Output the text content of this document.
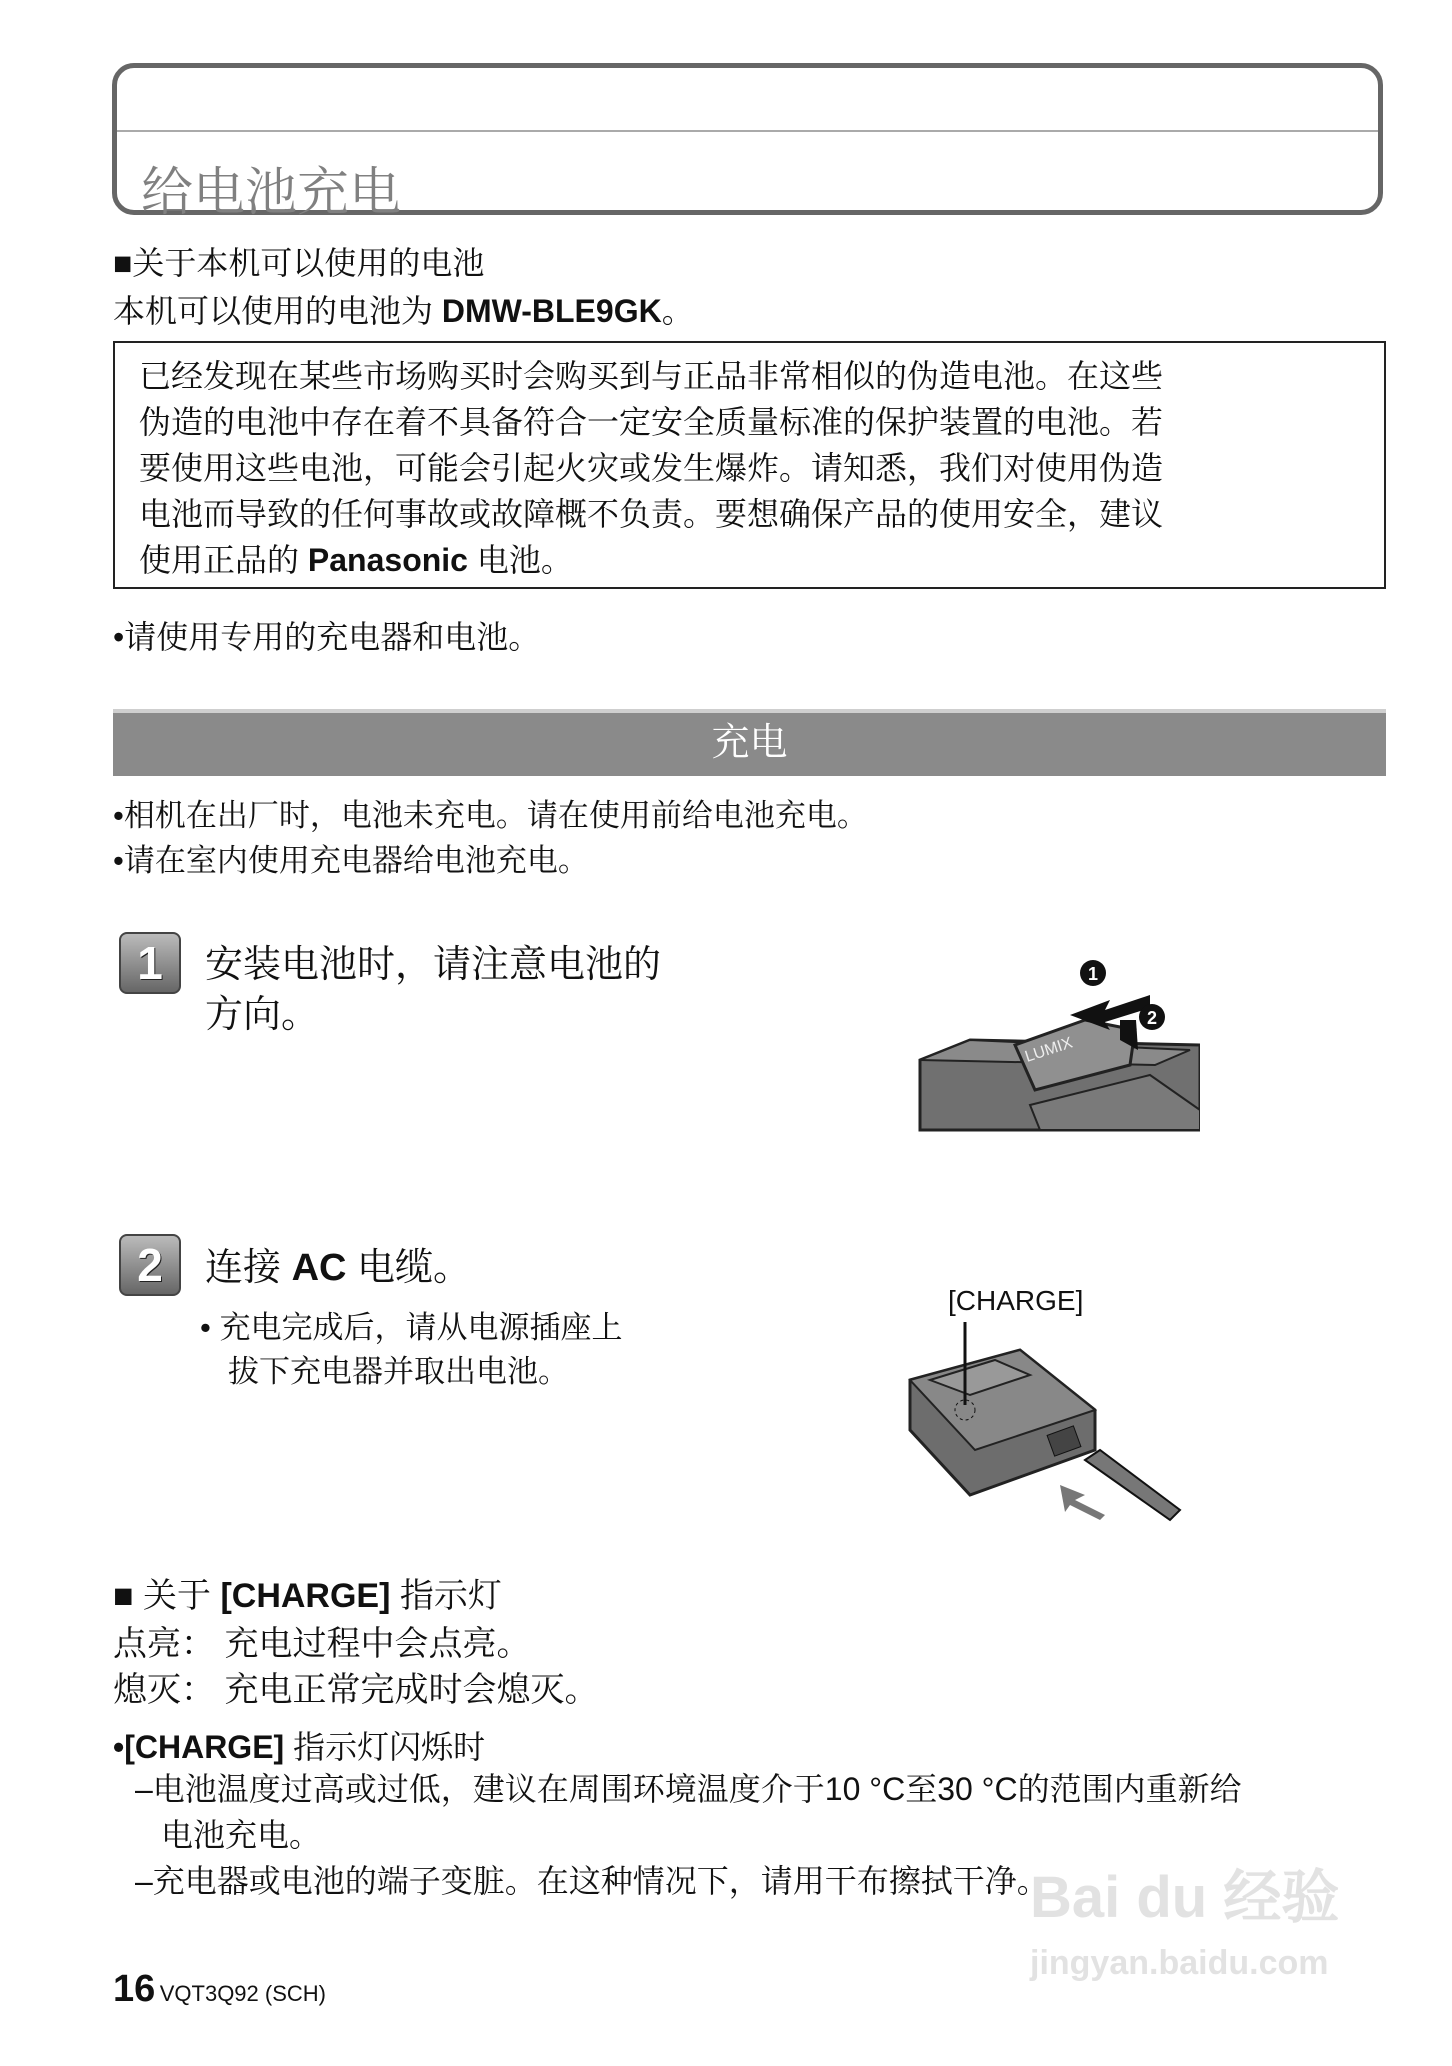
给电池充电
■关于本机可以使用的电池
本机可以使用的电池为 DMW-BLE9GK。
已经发现在某些市场购买时会购买到与正品非常相似的伪造电池。在这些
伪造的电池中存在着不具备符合一定安全质量标准的保护装置的电池。若
要使用这些电池，可能会引起火灾或发生爆炸。请知悉，我们对使用伪造
电池而导致的任何事故或故障概不负责。要想确保产品的使用安全，建议
使用正品的 Panasonic 电池。
•请使用专用的充电器和电池。
充电
•相机在出厂时，电池未充电。请在使用前给电池充电。
•请在室内使用充电器给电池充电。
1	安装电池时，请注意电池的
方向。
LUMIX
1
2
2	连接 AC 电缆。
• 充电完成后，请从电源插座上
拔下充电器并取出电池。
[CHARGE]
■ 关于 [CHARGE] 指示灯
点亮： 充电过程中会点亮。
熄灭： 充电正常完成时会熄灭。
•[CHARGE] 指示灯闪烁时
–电池温度过高或过低，建议在周围环境温度介于10 °C至30 °C的范围内重新给
电池充电。
–充电器或电池的端子变脏。在这种情况下，请用干布擦拭干净。
16 VQT3Q92 (SCH)
Bai du 经验
jingyan.baidu.com
